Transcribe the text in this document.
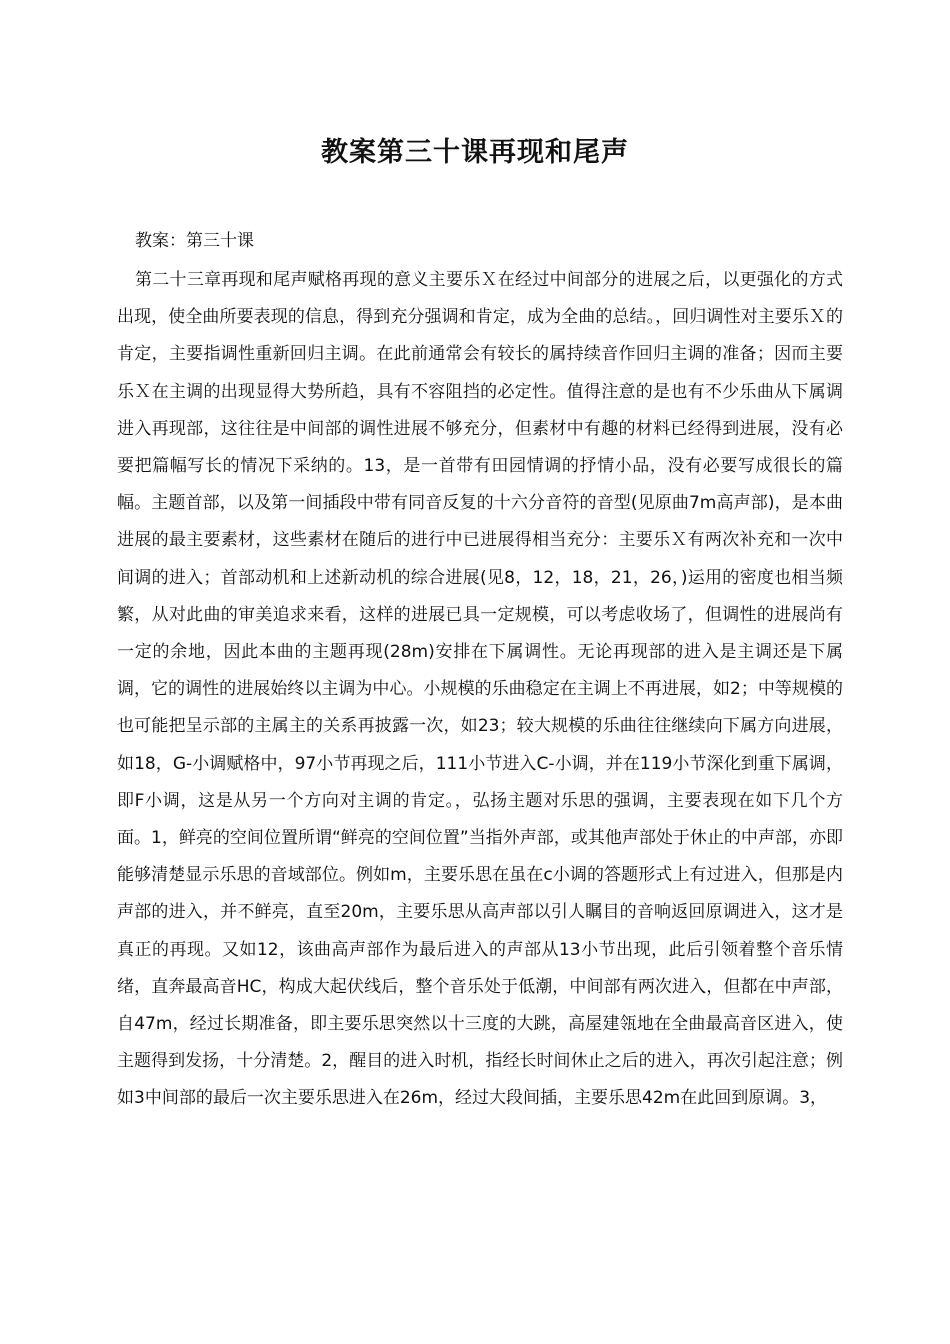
教案第三十课再现和尾声
教案：第三十课

第二十三章再现和尾声赋格再现的意义主要乐Ｘ在经过中间部分的进展之后，以更强化的方式出现，使全曲所要表现的信息，得到充分强调和肯定，成为全曲的总结。，回归调性对主要乐Ｘ的肯定，主要指调性重新回归主调。在此前通常会有较长的属持续音作回归主调的准备；因而主要乐Ｘ在主调的出现显得大势所趋，具有不容阻挡的必定性。值得注意的是也有不少乐曲从下属调进入再现部，这往往是中间部的调性进展不够充分，但素材中有趣的材料已经得到进展，没有必要把篇幅写长的情况下采纳的。13，是一首带有田园情调的抒情小品，没有必要写成很长的篇幅。主题首部，以及第一间插段中带有同音反复的十六分音符的音型(见原曲7m高声部)，是本曲进展的最主要素材，这些素材在随后的进行中已进展得相当充分：主要乐Ｘ有两次补充和一次中间调的进入；首部动机和上述新动机的综合进展(见8，12，18，21，26，)运用的密度也相当频繁，从对此曲的审美追求来看，这样的进展已具一定规模，可以考虑收场了，但调性的进展尚有一定的余地，因此本曲的主题再现(28m)安排在下属调性。无论再现部的进入是主调还是下属调，它的调性的进展始终以主调为中心。小规模的乐曲稳定在主调上不再进展，如2；中等规模的也可能把呈示部的主属主的关系再披露一次，如23；较大规模的乐曲往往继续向下属方向进展，如18，G-小调赋格中，97小节再现之后，111小节进入C-小调，并在119小节深化到重下属调，即F小调，这是从另一个方向对主调的肯定。，弘扬主题对乐思的强调，主要表现在如下几个方面。1，鲜亮的空间位置所谓“鲜亮的空间位置”当指外声部，或其他声部处于休止的中声部，亦即能够清楚显示乐思的音域部位。例如m，主要乐思在虽在c小调的答题形式上有过进入，但那是内声部的进入，并不鲜亮，直至20m，主要乐思从高声部以引人瞩目的音响返回原调进入，这才是真正的再现。又如12，该曲高声部作为最后进入的声部从13小节出现，此后引领着整个音乐情绪，直奔最高音HC，构成大起伏线后，整个音乐处于低潮，中间部有两次进入，但都在中声部，自47m，经过长期准备，即主要乐思突然以十三度的大跳，高屋建瓴地在全曲最高音区进入，使主题得到发扬，十分清楚。2，醒目的进入时机，指经长时间休止之后的进入，再次引起注意；例如3中间部的最后一次主要乐思进入在26m，经过大段间插，主要乐思42m在此回到原调。3，
